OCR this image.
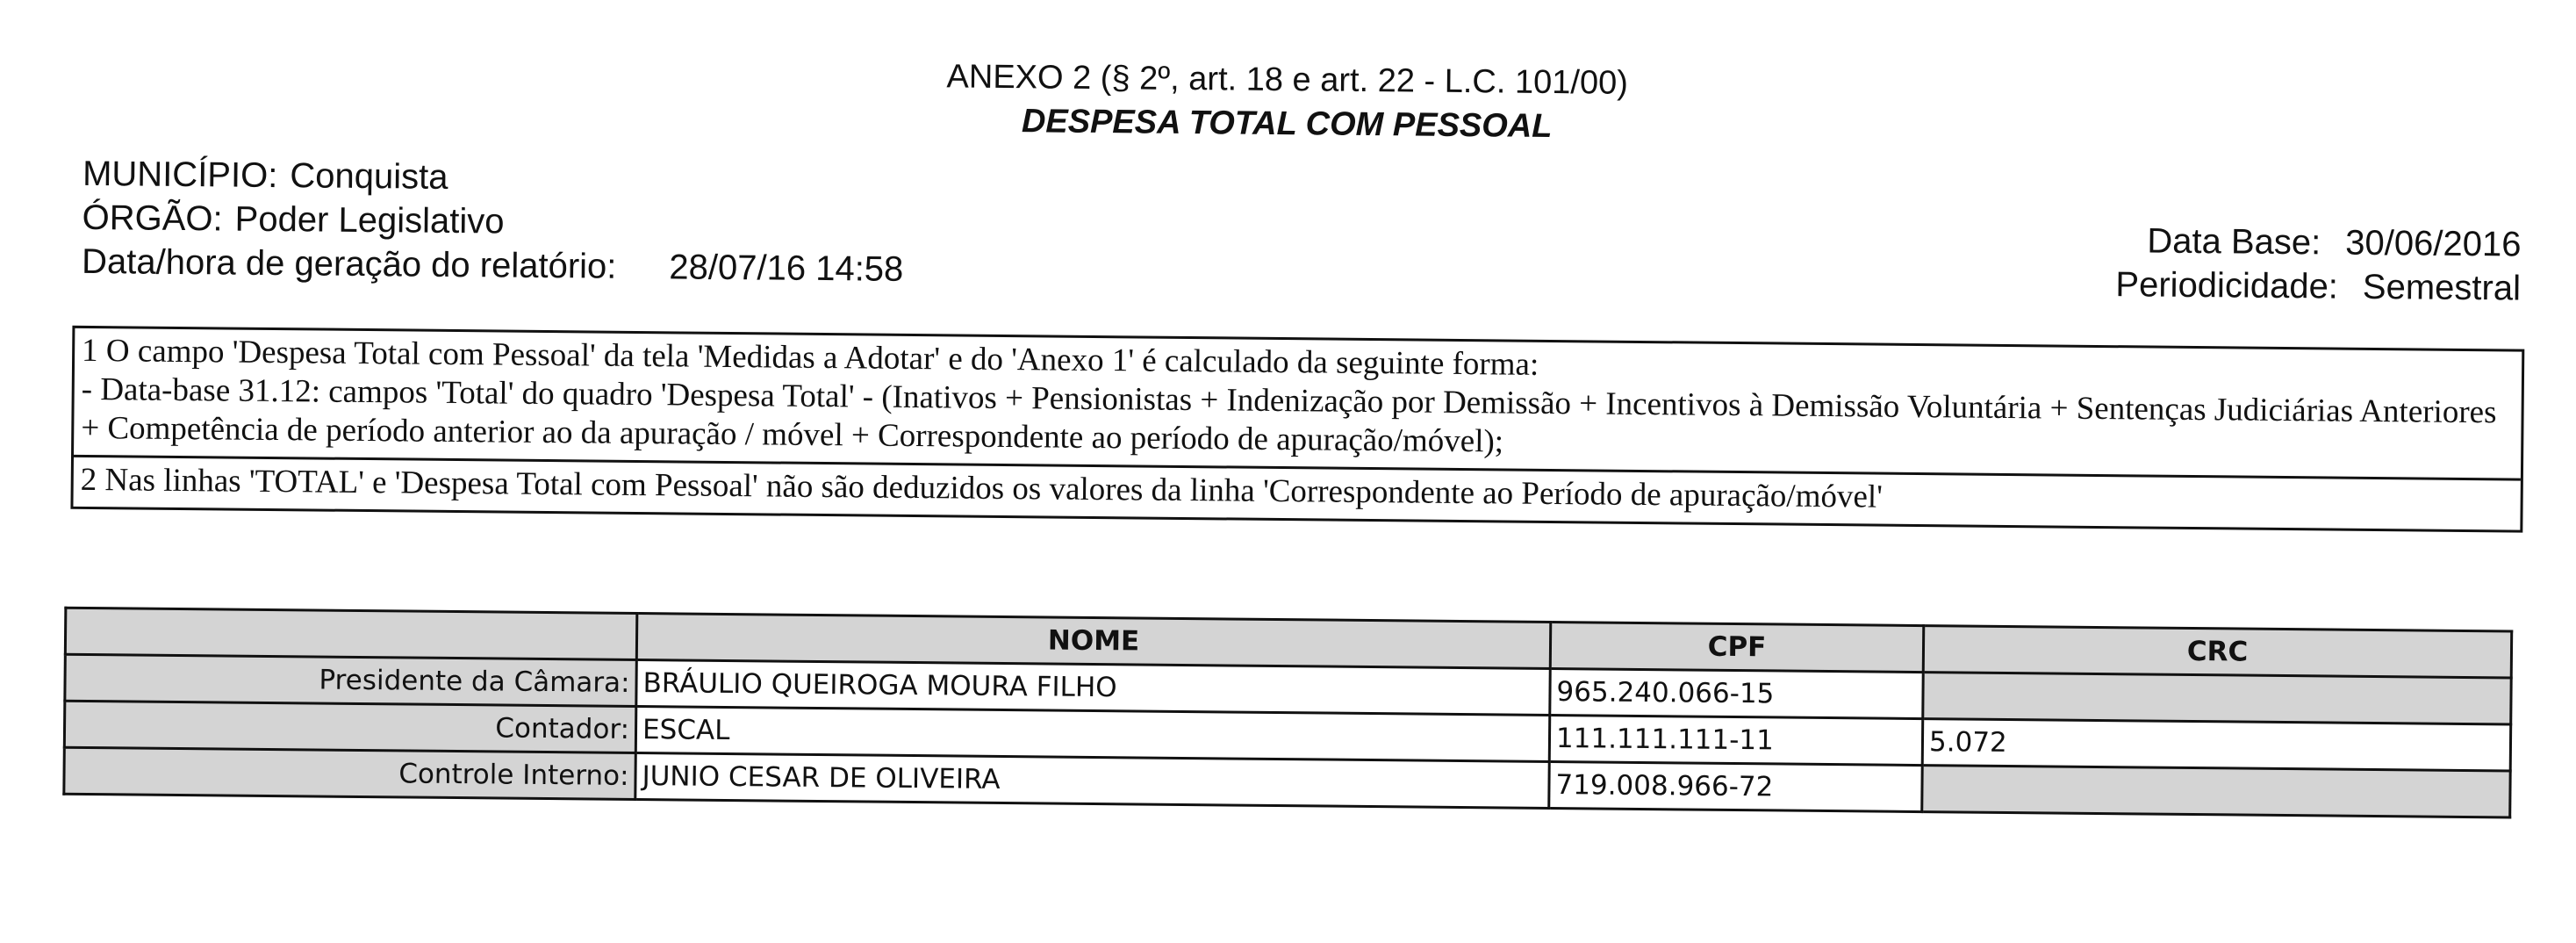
ANEXO 2 (§ 2º, art. 18 e art. 22 - L.C. 101/00)
DESPESA TOTAL COM PESSOAL
MUNICÍPIO: Conquista
ÓRGÃO: Poder Legislativo
Data/hora de geração do relatório: 28/07/16 14:58
Data Base: 30/06/2016
Periodicidade: Semestral
1 O campo 'Despesa Total com Pessoal' da tela 'Medidas a Adotar' e do 'Anexo 1' é calculado da seguinte forma:
- Data-base 31.12: campos 'Total' do quadro 'Despesa Total' - (Inativos + Pensionistas + Indenização por Demissão + Incentivos à Demissão Voluntária + Sentenças Judiciárias Anteriores + Competência de período anterior ao da apuração / móvel + Correspondente ao período de apuração/móvel);
2 Nas linhas 'TOTAL' e 'Despesa Total com Pessoal' não são deduzidos os valores da linha 'Correspondente ao Período de apuração/móvel'
	NOME	CPF	CRC
Presidente da Câmara:	BRÁULIO QUEIROGA MOURA FILHO	965.240.066-15	
Contador:	ESCAL	111.111.111-11	5.072
Controle Interno:	JUNIO CESAR DE OLIVEIRA	719.008.966-72	
